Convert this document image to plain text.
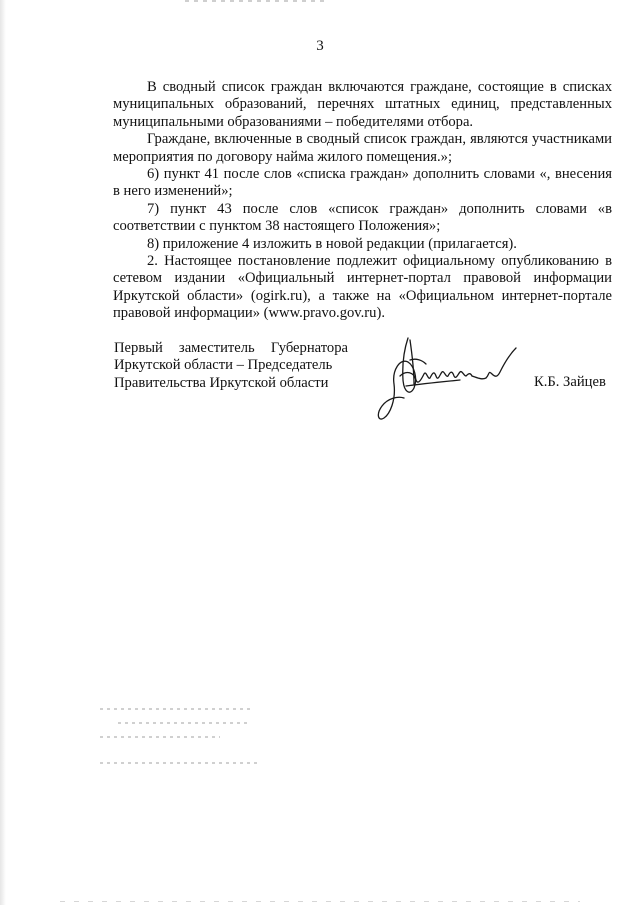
3

В сводный список граждан включаются граждане, состоящие в списках муниципальных образований, перечнях штатных единиц, представленных муниципальными образованиями – победителями отбора.

Граждане, включенные в сводный список граждан, являются участниками мероприятия по договору найма жилого помещения.»;

6) пункт 41 после слов «списка граждан» дополнить словами «, внесения в него изменений»;

7) пункт 43 после слов «список граждан» дополнить словами «в соответствии с пунктом 38 настоящего Положения»;

8) приложение 4 изложить в новой редакции (прилагается).

2. Настоящее постановление подлежит официальному опубликованию в сетевом издании «Официальный интернет-портал правовой информации Иркутской области» (ogirk.ru), а также на «Официальном интернет-портале правовой информации» (www.pravo.gov.ru).

Первый заместитель Губернатора
Иркутской области – Председатель
Правительства Иркутской области	К.Б. Зайцев
